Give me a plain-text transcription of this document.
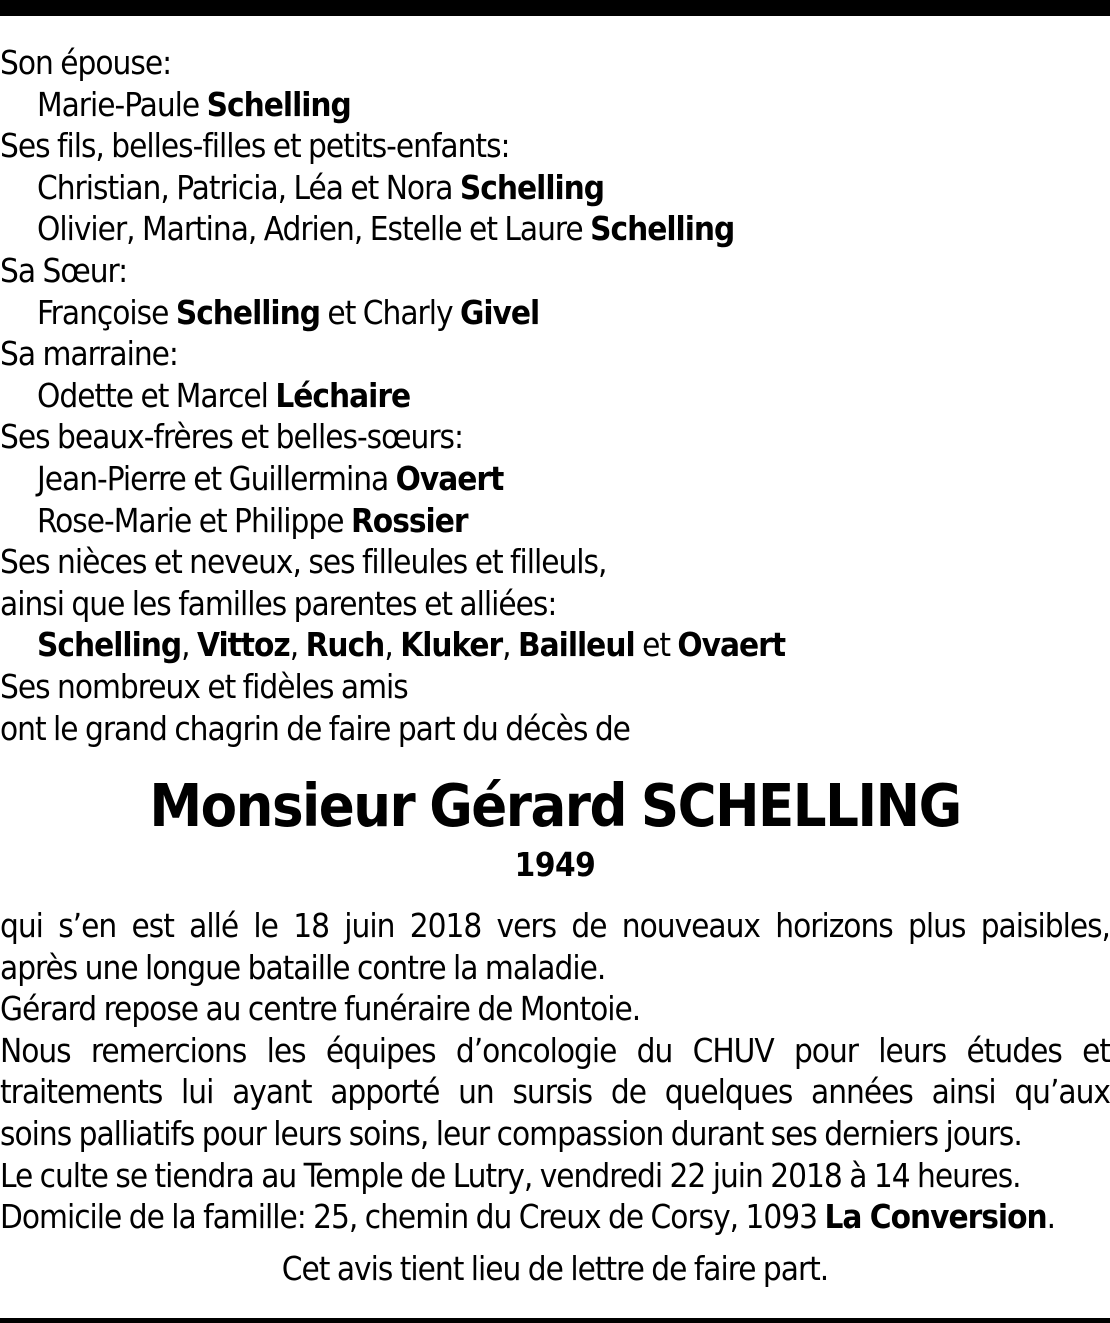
Son épouse:
Marie-Paule Schelling
Ses fils, belles-filles et petits-enfants:
Christian, Patricia, Léa et Nora Schelling
Olivier, Martina, Adrien, Estelle et Laure Schelling
Sa Sœur:
Françoise Schelling et Charly Givel
Sa marraine:
Odette et Marcel Léchaire
Ses beaux-frères et belles-sœurs:
Jean-Pierre et Guillermina Ovaert
Rose-Marie et Philippe Rossier
Ses nièces et neveux, ses filleules et filleuls,
ainsi que les familles parentes et alliées:
Schelling, Vittoz, Ruch, Kluker, Bailleul et Ovaert
Ses nombreux et fidèles amis
ont le grand chagrin de faire part du décès de
Monsieur Gérard SCHELLING
1949
qui s’en est allé le 18 juin 2018 vers de nouveaux horizons plus paisibles,
après une longue bataille contre la maladie.
Gérard repose au centre funéraire de Montoie.
Nous remercions les équipes d’oncologie du CHUV pour leurs études et
traitements lui ayant apporté un sursis de quelques années ainsi qu’aux
soins palliatifs pour leurs soins, leur compassion durant ses derniers jours.
Le culte se tiendra au Temple de Lutry, vendredi 22 juin 2018 à 14 heures.
Domicile de la famille: 25, chemin du Creux de Corsy, 1093 La Conversion.
Cet avis tient lieu de lettre de faire part.
